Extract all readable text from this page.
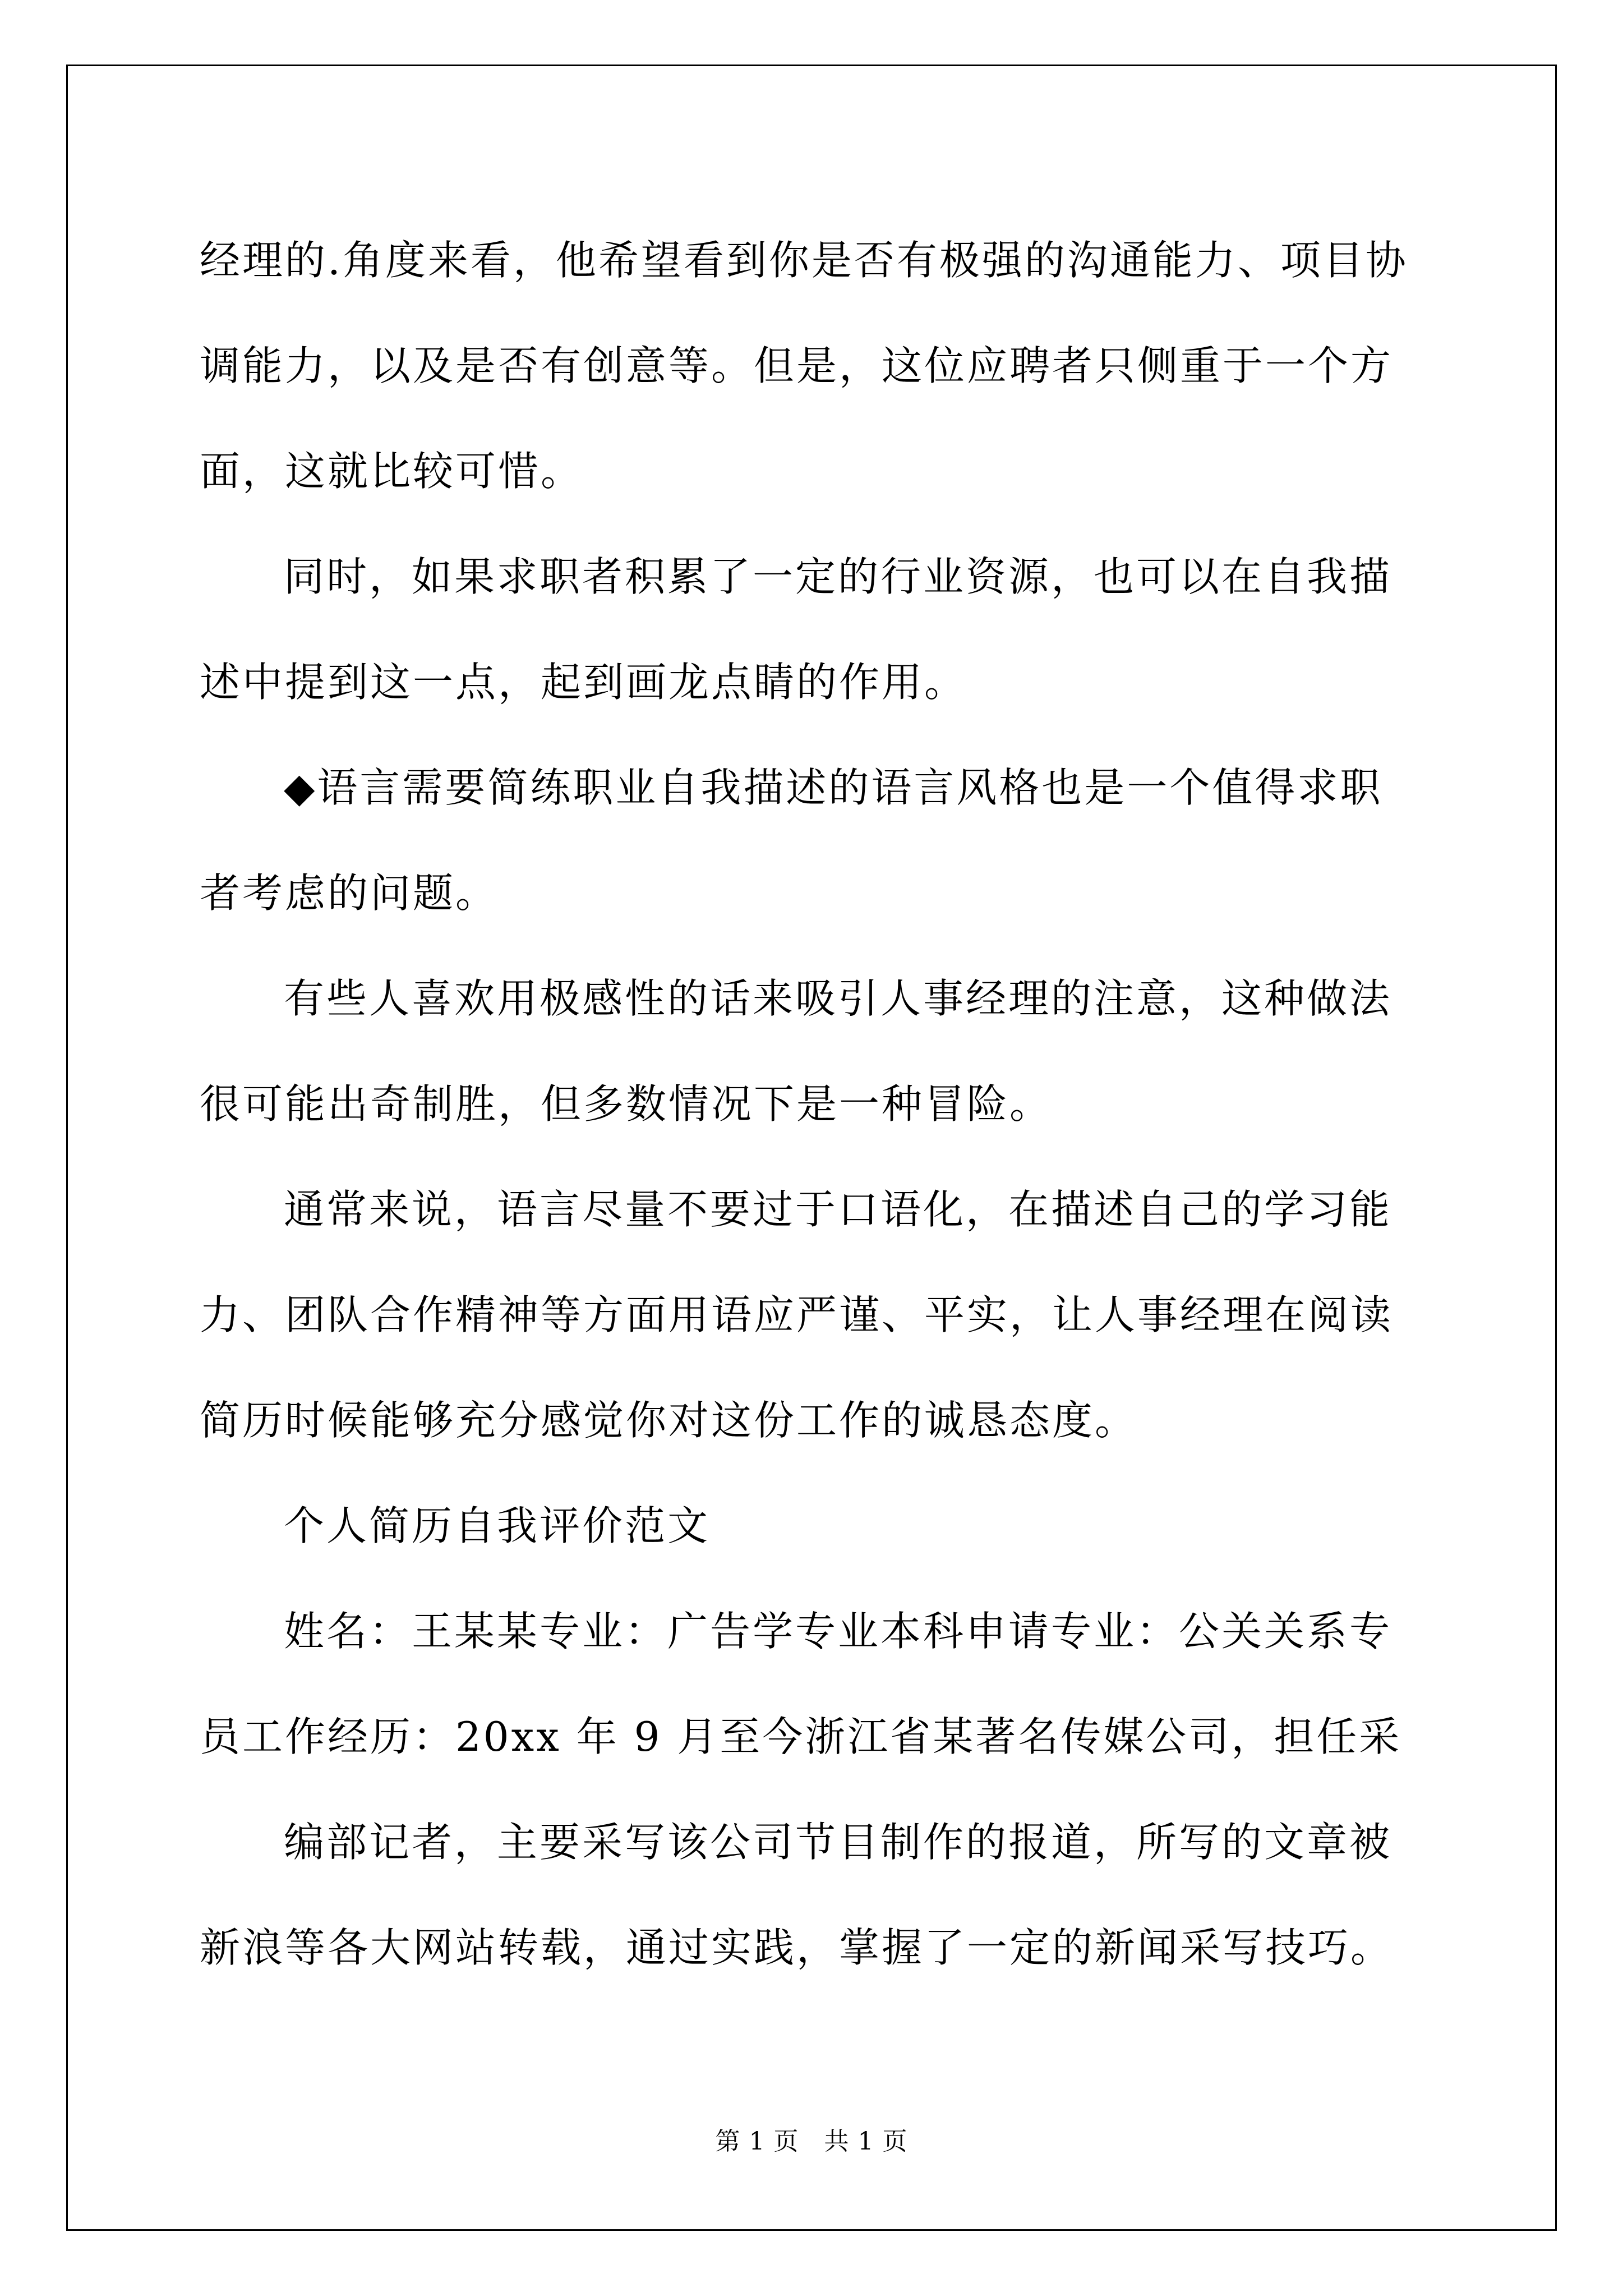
经理的.角度来看，他希望看到你是否有极强的沟通能力、项目协调能力，以及是否有创意等。但是，这位应聘者只侧重于一个方面，这就比较可惜。

同时，如果求职者积累了一定的行业资源，也可以在自我描述中提到这一点，起到画龙点睛的作用。

◆语言需要简练职业自我描述的语言风格也是一个值得求职者考虑的问题。

有些人喜欢用极感性的话来吸引人事经理的注意，这种做法很可能出奇制胜，但多数情况下是一种冒险。

通常来说，语言尽量不要过于口语化，在描述自己的学习能力、团队合作精神等方面用语应严谨、平实，让人事经理在阅读简历时候能够充分感觉你对这份工作的诚恳态度。

个人简历自我评价范文

姓名：王某某专业：广告学专业本科申请专业：公关关系专员工作经历：20xx 年 9 月至今浙江省某著名传媒公司，担任采

编部记者，主要采写该公司节目制作的报道，所写的文章被新浪等各大网站转载，通过实践，掌握了一定的新闻采写技巧。

第 1 页 共 1 页
